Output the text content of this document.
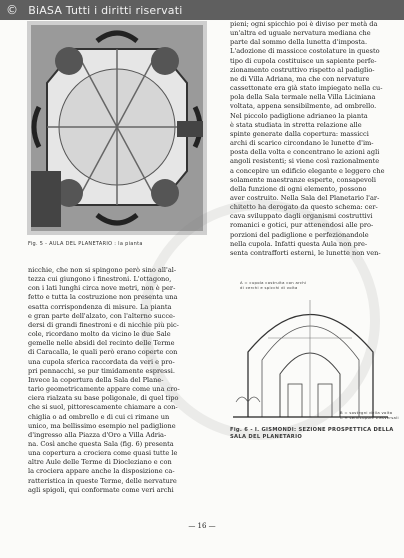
© BiASA Tutti i diritti riservati
Fig. 5 - AULA DEL PLANETARIO : la pianta

nicchie, che non si spingono però sino all'al-

tezza cui giungono i finestroni. L'ottagono,

con i lati lunghi circa nove metri, non è per-

fetto e tutta la costruzione non presenta una

esatta corrispondenza di misure. La pianta

e gran parte dell'alzato, con l'alterno succe-

dersi di grandi finestroni e di nicchie più pic-

cole, ricordano molto da vicino le due Sale

gemelle nelle absidi del recinto delle Terme

di Caracalla, le quali però erano coperte con

una cupola sferica raccordata da veri e pro-

pri pennacchi, se pur timidamente espressi.

Invece la copertura della Sala del Plane-

tario geometricamente appare come una cro-

ciera rialzata su base poligonale, di quel tipo

che si suol, pittorescamente chiamare a con-

chiglia o ad ombrello e di cui ci rimane un

unico, ma bellissimo esempio nel padiglione

d'ingresso alla Piazza d'Oro a Villa Adria-

na. Così anche questa Sala (fig. 6) presenta

una copertura a crociera come quasi tutte le

altre Aule delle Terme di Diocleziano e con

la crociera appare anche la disposizione ca-

ratteristica in queste Terme, delle nervature

agli spigoli, qui conformate come veri archi

pieni; ogni spicchio poi è diviso per metà da

un'altra ed uguale nervatura mediana che

parte dal sommo della lunetta d'imposta.

L'adozione di massicce costolature in questo

tipo di cupola costituisce un sapiente perfe-

zionamento costruttivo rispetto al padiglio-

ne di Villa Adriana, ma che con nervature

cassettonate era già stato impiegato nella cu-

pola della Sala termale nella Villa Liciniana

voltata, appena sensibilmente, ad ombrello.

Nel piccolo padiglione adrianeo la pianta

è stata studiata in stretta relazione alle

spinte generate dalla copertura: massicci

archi di scarico circondano le lunette d'im-

posta della volta e concentrano le azioni agli

angoli resistenti; si viene così razionalmente

a concepire un edificio elegante e leggero che

solamente maestranze esperte, consapevoli

della funzione di ogni elemento, possono

aver costruito. Nella Sala del Planetario l'ar-

chitetto ha derogato da questo schema: cer-

cava sviluppato dagli organismi costruttivi

romanici e gotici, pur attenendosi alle pro-

porzioni del padiglione e perfezionandole

nella cupola. Infatti questa Aula non pre-

senta contrafforti esterni, le lunette non ven-

A = cupola costruita con archi
di cerchi e spicchi di volta
B = sostegni della volta
C = semicupole trasversali
Fig. 6 - I. GISMONDI: SEZIONE PROSPETTICA DELLA
SALA DEL PLANETARIO
— 16 —
